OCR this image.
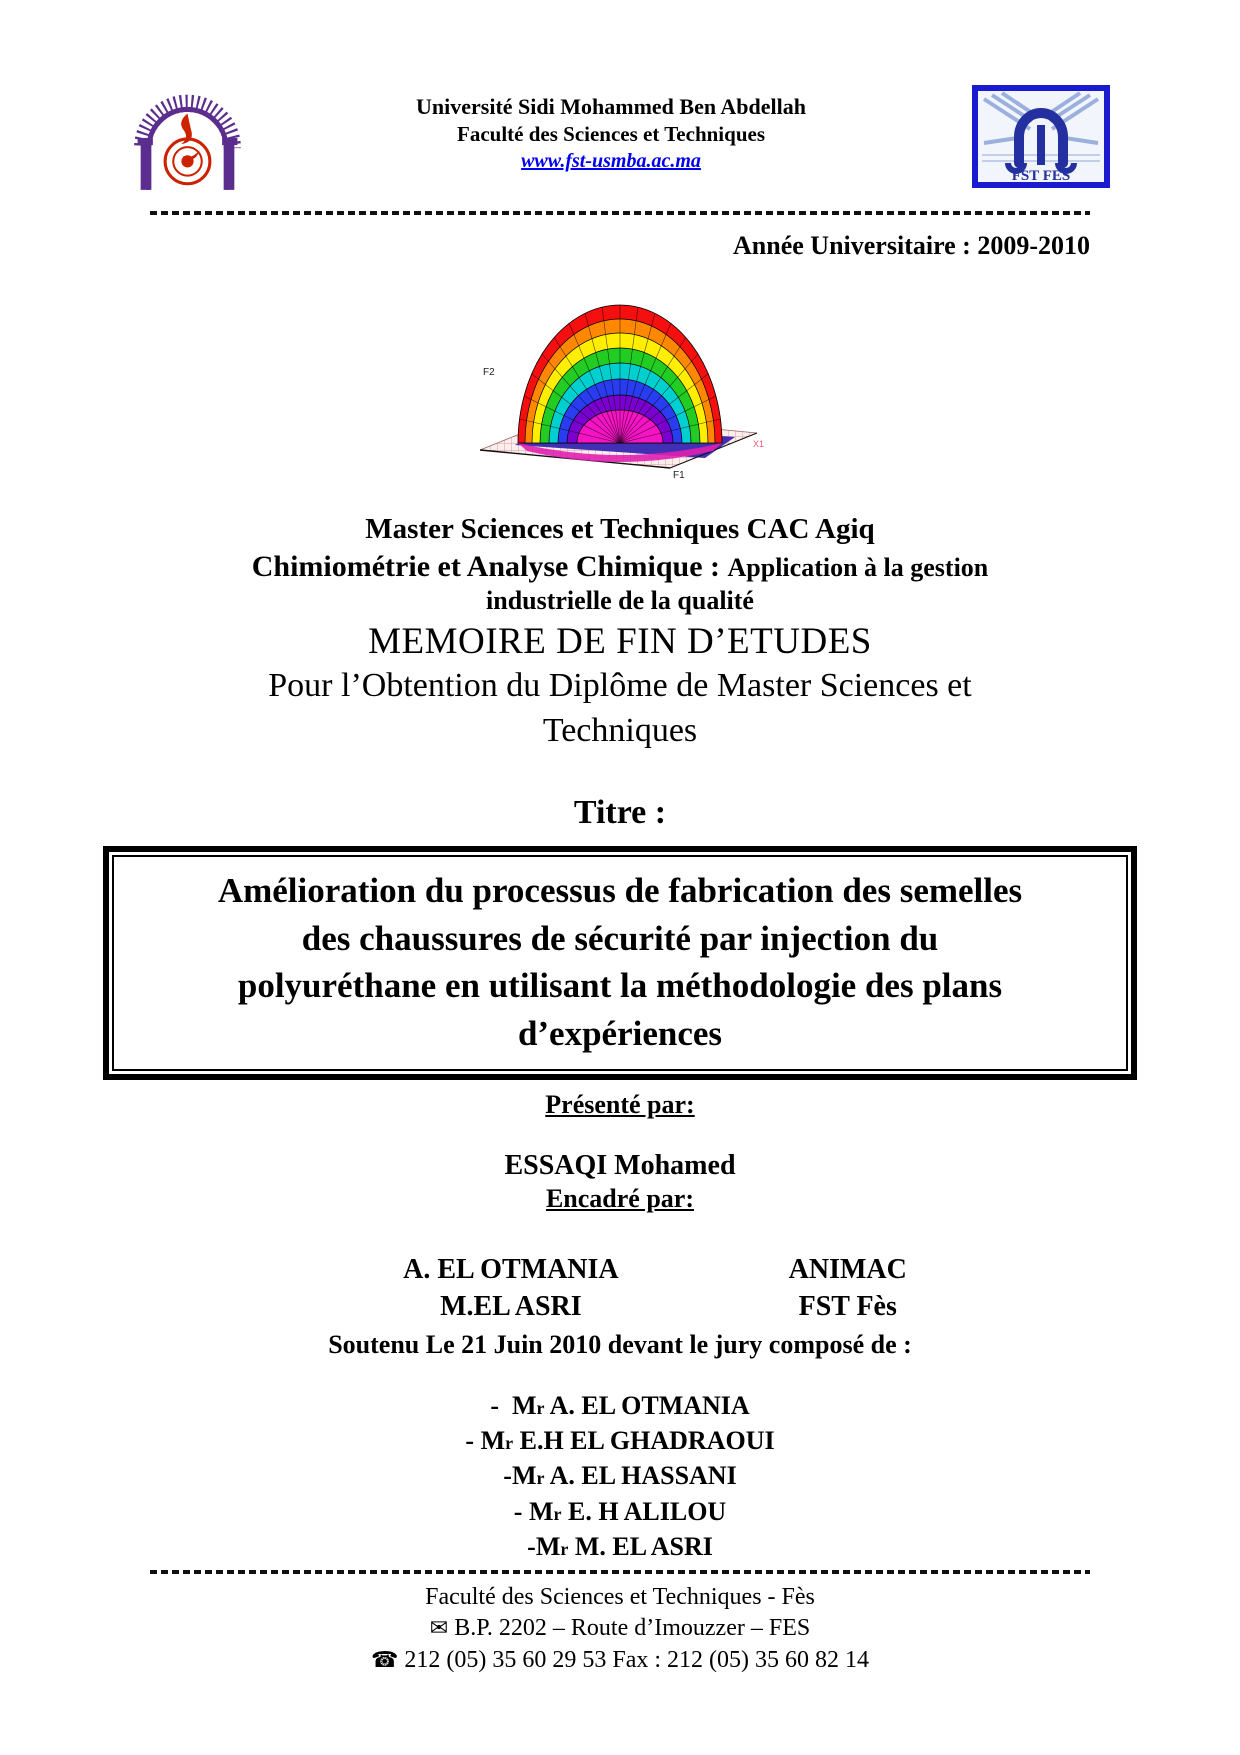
Université Sidi Mohammed Ben Abdellah
Faculté des Sciences et Techniques
www.fst-usmba.ac.ma
FST FES
Année Universitaire : 2009-2010
F2
F1
X1
Master Sciences et Techniques CAC Agiq
Chimiométrie et Analyse Chimique : Application à la gestion
industrielle de la qualité
MEMOIRE DE FIN D’ETUDES
Pour l’Obtention du Diplôme de Master Sciences et
Techniques
Titre :
Amélioration du processus de fabrication des semelles
des chaussures de sécurité par injection du
polyuréthane en utilisant la méthodologie des plans
d’expériences
Présenté par:
ESSAQI Mohamed
Encadré par:
A. EL OTMANIA
M.EL ASRI
ANIMAC
FST Fès
Soutenu Le 21 Juin 2010 devant le jury composé de :
-  Mr A. EL OTMANIA
- Mr E.H EL GHADRAOUI
-Mr A. EL HASSANI
- Mr E. H ALILOU
-Mr M. EL ASRI
Faculté des Sciences et Techniques - Fès
✉ B.P. 2202 – Route d’Imouzzer – FES
☎ 212 (05) 35 60 29 53 Fax : 212 (05) 35 60 82 14
